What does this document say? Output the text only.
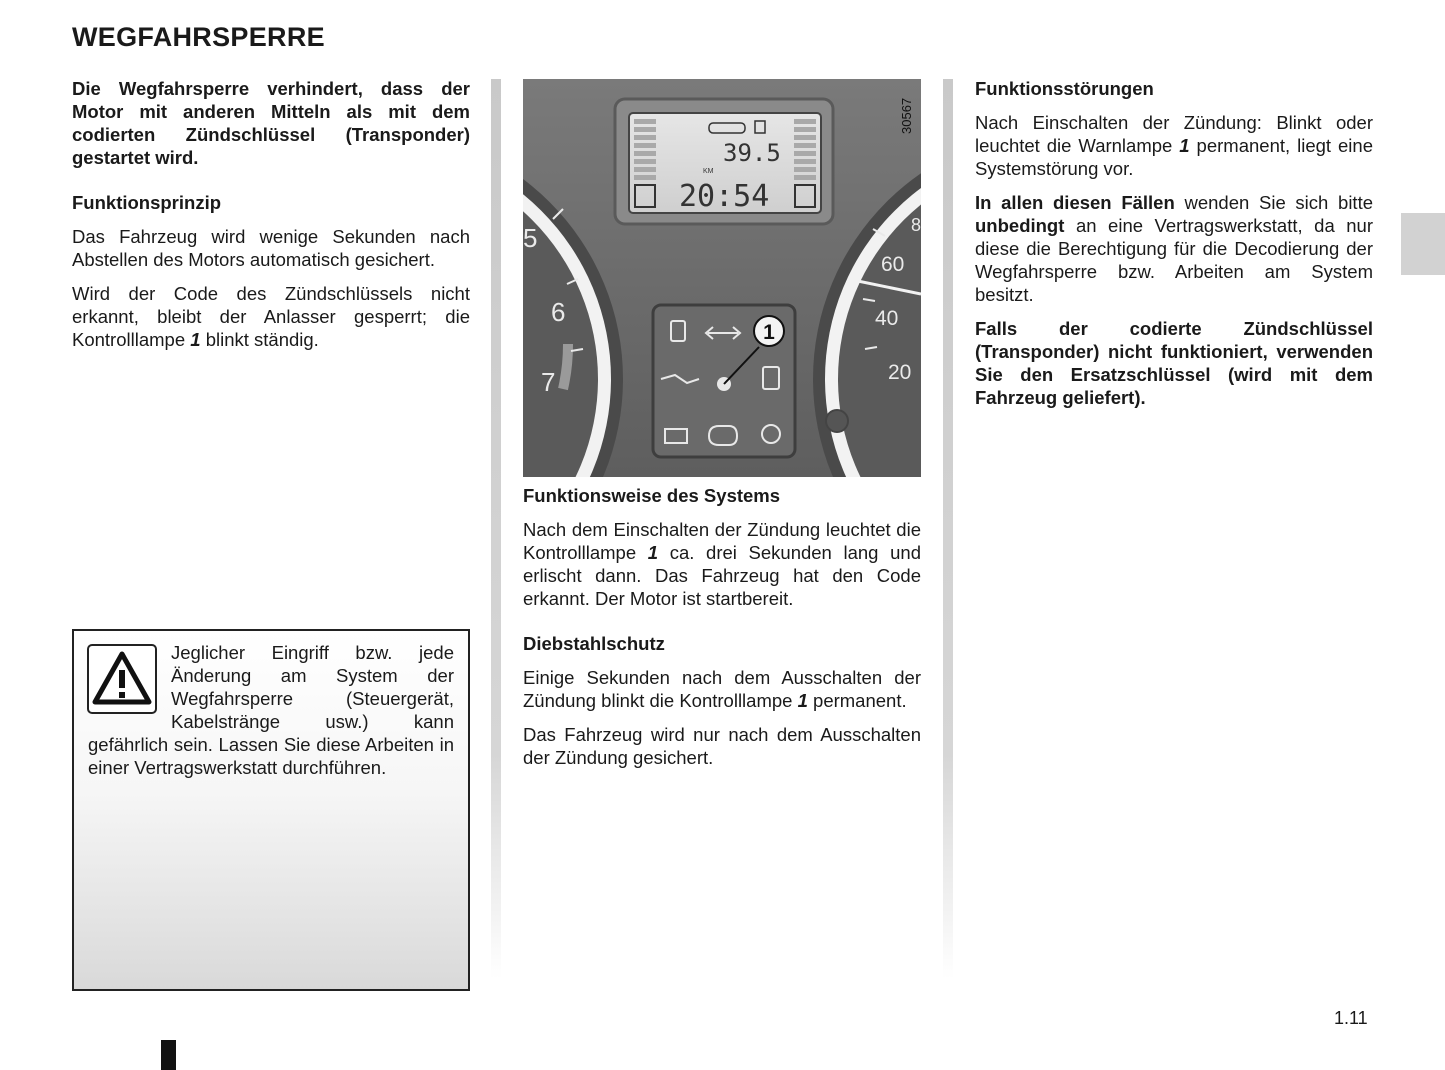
WEGFAHRSPERRE

Die Wegfahrsperre verhindert, dass der Motor mit anderen Mitteln als mit dem codierten Zündschlüssel (Transponder) gestartet wird.

Funktionsprinzip

Das Fahrzeug wird wenige Sekunden nach Abstellen des Motors automatisch gesichert.

Wird der Code des Zündschlüssels nicht erkannt, bleibt der Anlasser gesperrt; die Kontrolllampe 1 blinkt ständig.

Jeglicher Eingriff bzw. jede Änderung am System der Wegfahrsperre (Steuergerät, Kabelstränge usw.) kann gefährlich sein. Lassen Sie diese Arbeiten in einer Vertragswerkstatt durchführen.
5
6
7
60
40
20
8
39.5
KM
20:54
30567
1
Funktionsweise des Systems

Nach dem Einschalten der Zündung leuchtet die Kontrolllampe 1 ca. drei Sekunden lang und erlischt dann. Das Fahrzeug hat den Code erkannt. Der Motor ist startbereit.

Diebstahlschutz

Einige Sekunden nach dem Ausschalten der Zündung blinkt die Kontrolllampe 1 permanent.

Das Fahrzeug wird nur nach dem Ausschalten der Zündung gesichert.

Funktionsstörungen

Nach Einschalten der Zündung: Blinkt oder leuchtet die Warnlampe 1 permanent, liegt eine Systemstörung vor.

In allen diesen Fällen wenden Sie sich bitte unbedingt an eine Vertragswerkstatt, da nur diese die Berechtigung für die Decodierung der Wegfahrsperre bzw. Arbeiten am System besitzt.

Falls der codierte Zündschlüssel (Transponder) nicht funktioniert, verwenden Sie den Ersatzschlüssel (wird mit dem Fahrzeug geliefert).

1.11
